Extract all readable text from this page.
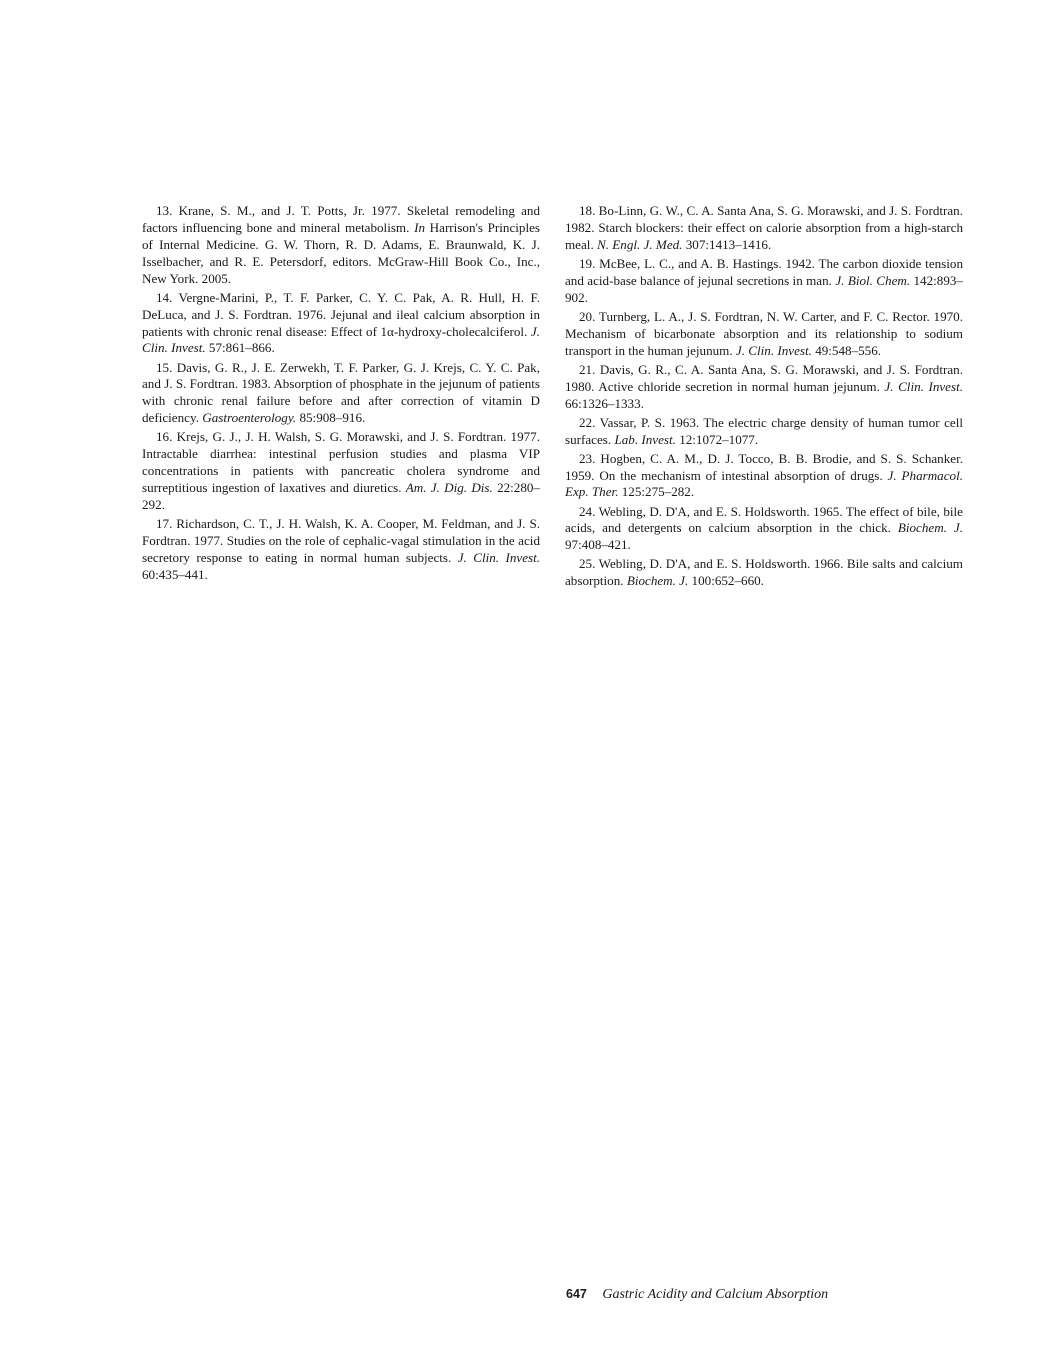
13. Krane, S. M., and J. T. Potts, Jr. 1977. Skeletal remodeling and factors influencing bone and mineral metabolism. In Harrison's Principles of Internal Medicine. G. W. Thorn, R. D. Adams, E. Braunwald, K. J. Isselbacher, and R. E. Petersdorf, editors. McGraw-Hill Book Co., Inc., New York. 2005.

14. Vergne-Marini, P., T. F. Parker, C. Y. C. Pak, A. R. Hull, H. F. DeLuca, and J. S. Fordtran. 1976. Jejunal and ileal calcium absorption in patients with chronic renal disease: Effect of 1α-hydroxy-cholecalciferol. J. Clin. Invest. 57:861–866.

15. Davis, G. R., J. E. Zerwekh, T. F. Parker, G. J. Krejs, C. Y. C. Pak, and J. S. Fordtran. 1983. Absorption of phosphate in the jejunum of patients with chronic renal failure before and after correction of vitamin D deficiency. Gastroenterology. 85:908–916.

16. Krejs, G. J., J. H. Walsh, S. G. Morawski, and J. S. Fordtran. 1977. Intractable diarrhea: intestinal perfusion studies and plasma VIP concentrations in patients with pancreatic cholera syndrome and surreptitious ingestion of laxatives and diuretics. Am. J. Dig. Dis. 22:280–292.

17. Richardson, C. T., J. H. Walsh, K. A. Cooper, M. Feldman, and J. S. Fordtran. 1977. Studies on the role of cephalic-vagal stimulation in the acid secretory response to eating in normal human subjects. J. Clin. Invest. 60:435–441.

18. Bo-Linn, G. W., C. A. Santa Ana, S. G. Morawski, and J. S. Fordtran. 1982. Starch blockers: their effect on calorie absorption from a high-starch meal. N. Engl. J. Med. 307:1413–1416.

19. McBee, L. C., and A. B. Hastings. 1942. The carbon dioxide tension and acid-base balance of jejunal secretions in man. J. Biol. Chem. 142:893–902.

20. Turnberg, L. A., J. S. Fordtran, N. W. Carter, and F. C. Rector. 1970. Mechanism of bicarbonate absorption and its relationship to sodium transport in the human jejunum. J. Clin. Invest. 49:548–556.

21. Davis, G. R., C. A. Santa Ana, S. G. Morawski, and J. S. Fordtran. 1980. Active chloride secretion in normal human jejunum. J. Clin. Invest. 66:1326–1333.

22. Vassar, P. S. 1963. The electric charge density of human tumor cell surfaces. Lab. Invest. 12:1072–1077.

23. Hogben, C. A. M., D. J. Tocco, B. B. Brodie, and S. S. Schanker. 1959. On the mechanism of intestinal absorption of drugs. J. Pharmacol. Exp. Ther. 125:275–282.

24. Webling, D. D'A, and E. S. Holdsworth. 1965. The effect of bile, bile acids, and detergents on calcium absorption in the chick. Biochem. J. 97:408–421.

25. Webling, D. D'A, and E. S. Holdsworth. 1966. Bile salts and calcium absorption. Biochem. J. 100:652–660.

647 Gastric Acidity and Calcium Absorption
